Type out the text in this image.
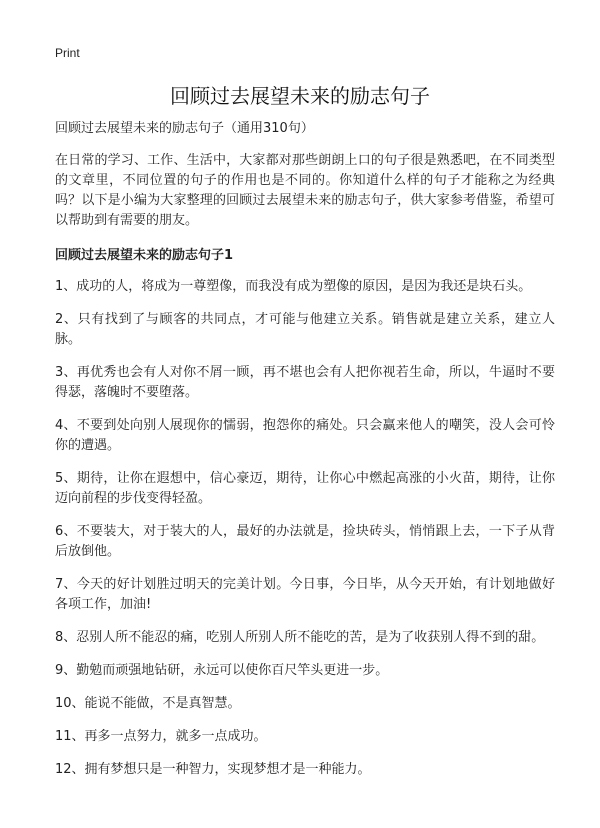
Print
回顾过去展望未来的励志句子

回顾过去展望未来的励志句子（通用310句）

在日常的学习、工作、生活中，大家都对那些朗朗上口的句子很是熟悉吧，在不同类型的文章里，不同位置的句子的作用也是不同的。你知道什么样的句子才能称之为经典吗？以下是小编为大家整理的回顾过去展望未来的励志句子，供大家参考借鉴，希望可以帮助到有需要的朋友。

回顾过去展望未来的励志句子1

1、成功的人，将成为一尊塑像，而我没有成为塑像的原因，是因为我还是块石头。

2、只有找到了与顾客的共同点，才可能与他建立关系。销售就是建立关系，建立人脉。

3、再优秀也会有人对你不屑一顾，再不堪也会有人把你视若生命，所以，牛逼时不要得瑟，落魄时不要堕落。

4、不要到处向别人展现你的懦弱，抱怨你的痛处。只会赢来他人的嘲笑，没人会可怜你的遭遇。

5、期待，让你在遐想中，信心豪迈，期待，让你心中燃起高涨的小火苗，期待，让你迈向前程的步伐变得轻盈。

6、不要装大，对于装大的人，最好的办法就是，捡块砖头，悄悄跟上去，一下子从背后放倒他。

7、今天的好计划胜过明天的完美计划。今日事，今日毕，从今天开始，有计划地做好各项工作，加油!

8、忍别人所不能忍的痛，吃别人所别人所不能吃的苦，是为了收获别人得不到的甜。

9、勤勉而顽强地钻研，永远可以使你百尺竿头更进一步。

10、能说不能做，不是真智慧。

11、再多一点努力，就多一点成功。

12、拥有梦想只是一种智力，实现梦想才是一种能力。
